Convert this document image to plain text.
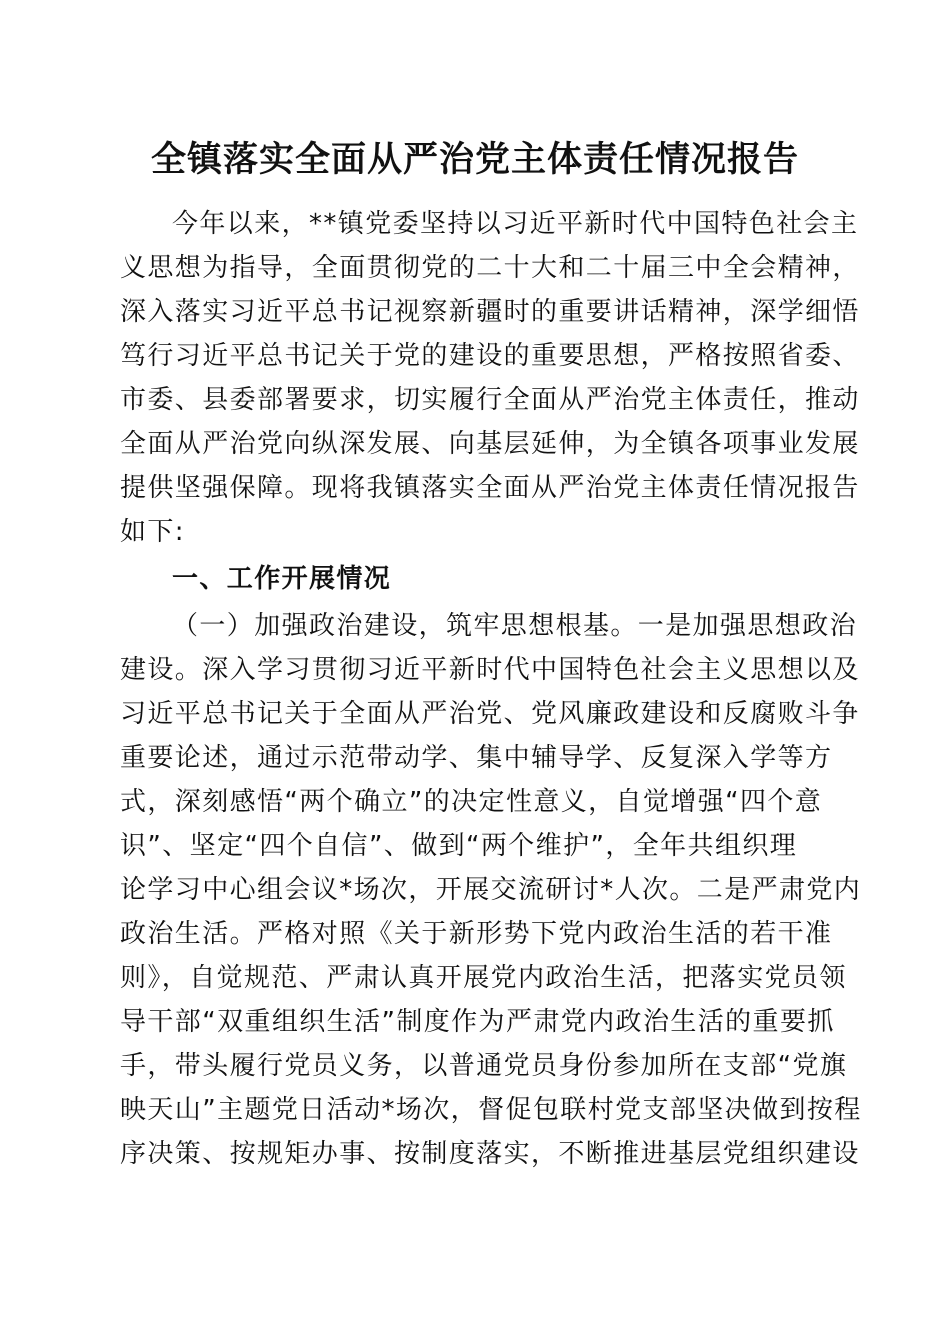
全镇落实全面从严治党主体责任情况报告
今年以来，**镇党委坚持以习近平新时代中国特色社会主
义思想为指导，全面贯彻党的二十大和二十届三中全会精神，
深入落实习近平总书记视察新疆时的重要讲话精神，深学细悟
笃行习近平总书记关于党的建设的重要思想，严格按照省委、
市委、县委部署要求，切实履行全面从严治党主体责任，推动
全面从严治党向纵深发展、向基层延伸，为全镇各项事业发展
提供坚强保障。现将我镇落实全面从严治党主体责任情况报告
如下:
一、工作开展情况
（一）加强政治建设，筑牢思想根基。一是加强思想政治
建设。深入学习贯彻习近平新时代中国特色社会主义思想以及
习近平总书记关于全面从严治党、党风廉政建设和反腐败斗争
重要论述，通过示范带动学、集中辅导学、反复深入学等方
式，深刻感悟“两个确立”的决定性意义，自觉增强“四个意
识”、坚定“四个自信”、做到“两个维护”，全年共组织理
论学习中心组会议*场次，开展交流研讨*人次。二是严肃党内
政治生活。严格对照《关于新形势下党内政治生活的若干准
则》，自觉规范、严肃认真开展党内政治生活，把落实党员领
导干部“双重组织生活”制度作为严肃党内政治生活的重要抓
手，带头履行党员义务，以普通党员身份参加所在支部“党旗
映天山”主题党日活动*场次，督促包联村党支部坚决做到按程
序决策、按规矩办事、按制度落实，不断推进基层党组织建设
